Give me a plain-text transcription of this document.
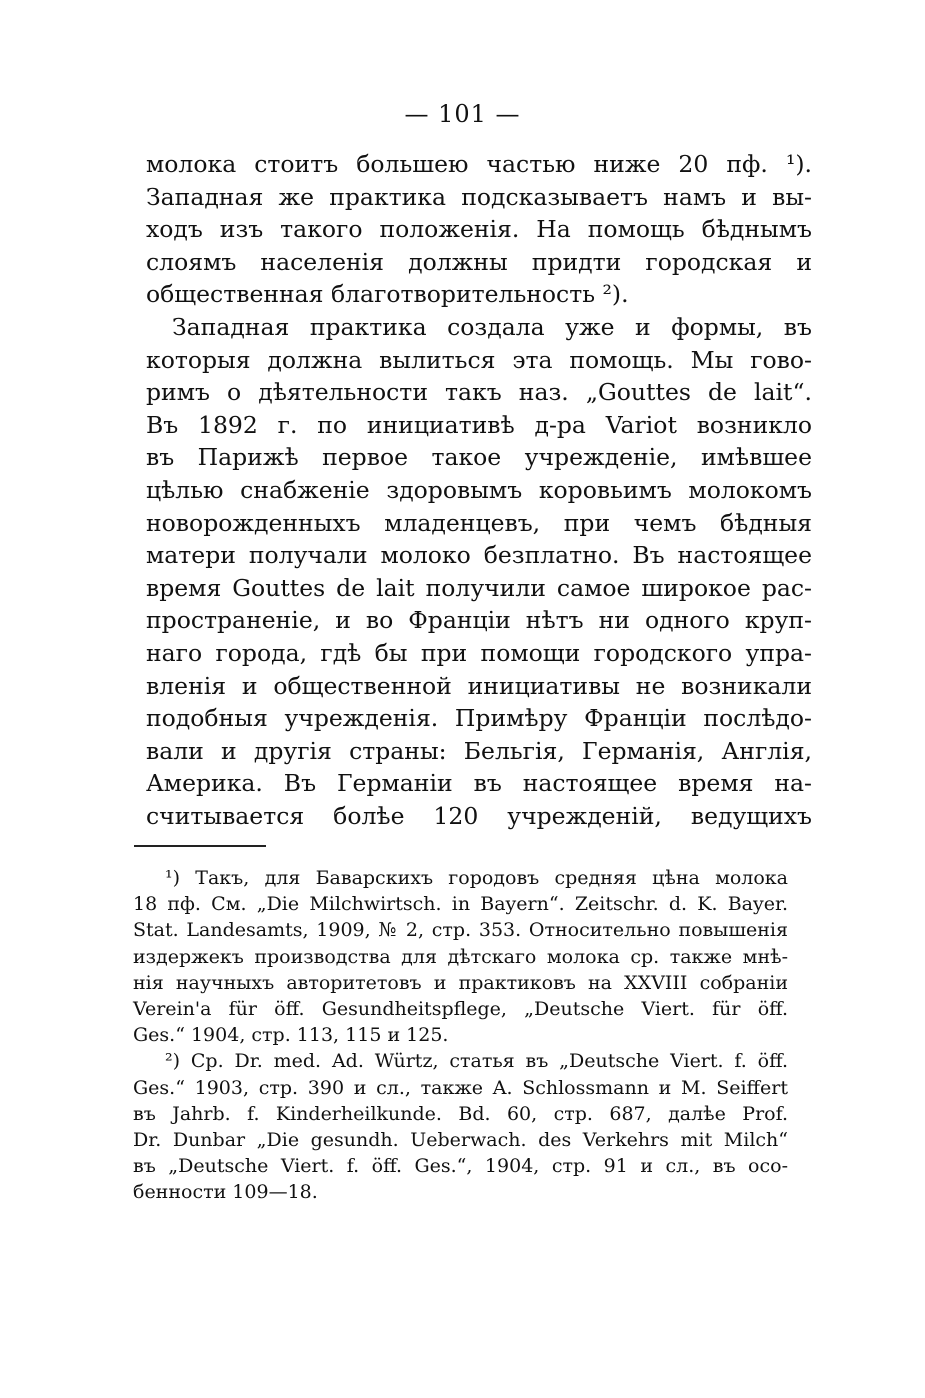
— 101 —
молока стоитъ большею частью ниже 20 пф. ¹).
Западная же практика подсказываетъ намъ и вы-
ходъ изъ такого положенія. На помощь бѣднымъ
слоямъ населенія должны придти городская и
общественная благотворительность ²).
Западная практика создала уже и формы, въ
которыя должна вылиться эта помощь. Мы гово-
римъ о дѣятельности такъ наз. „Gouttes de lait“.
Въ 1892 г. по инициативѣ д-ра Variot возникло
въ Парижѣ первое такое учрежденіе, имѣвшее
цѣлью снабженіе здоровымъ коровьимъ молокомъ
новорожденныхъ младенцевъ, при чемъ бѣдныя
матери получали молоко безплатно. Въ настоящее
время Gouttes de lait получили самое широкое рас-
пространеніе, и во Франціи нѣтъ ни одного круп-
наго города, гдѣ бы при помощи городского упра-
вленія и общественной инициативы не возникали
подобныя учрежденія. Примѣру Франціи послѣдо-
вали и другія страны: Бельгія, Германія, Англія,
Америка. Въ Германіи въ настоящее время на-
считывается болѣе 120 учрежденій, ведущихъ
¹) Такъ, для Баварскихъ городовъ средняя цѣна молока
18 пф. См. „Die Milchwirtsch. in Bayern“. Zeitschr. d. K. Bayer.
Stat. Landesamts, 1909, № 2, стр. 353. Относительно повышенія
издержекъ производства для дѣтскаго молока ср. также мнѣ-
нія научныхъ авторитетовъ и практиковъ на XXVIII собраніи
Verein'a für öff. Gesundheitspflege, „Deutsche Viert. für öff.
Ges.“ 1904, стр. 113, 115 и 125.
²) Ср. Dr. med. Ad. Würtz, статья въ „Deutsche Viert. f. öff.
Ges.“ 1903, стр. 390 и сл., также A. Schlossmann и M. Seiffert
въ Jahrb. f. Kinderheilkunde. Bd. 60, стр. 687, далѣе Prof.
Dr. Dunbar „Die gesundh. Ueberwach. des Verkehrs mit Milch“
въ „Deutsche Viert. f. öff. Ges.“, 1904, стр. 91 и сл., въ осо-
бенности 109—18.
